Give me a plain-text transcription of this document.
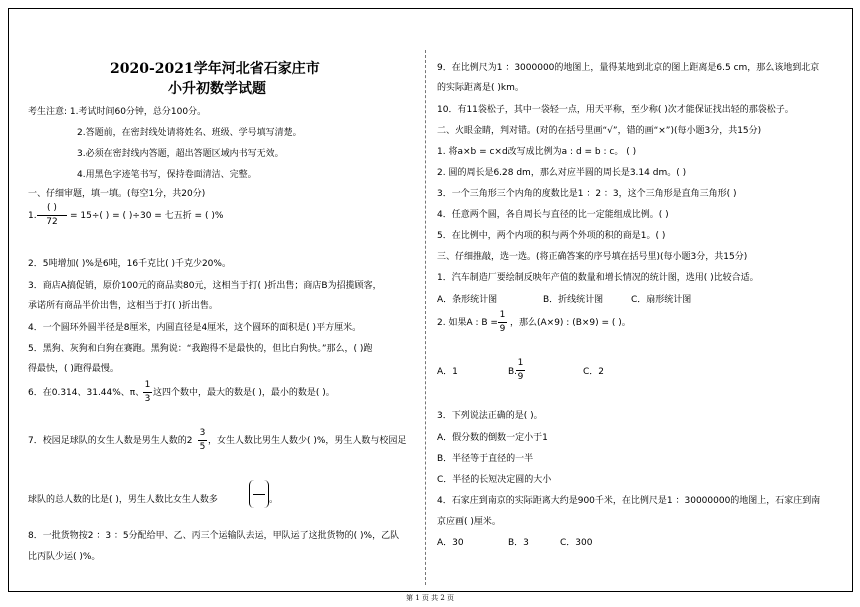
2020-2021学年河北省石家庄市
小升初数学试题
考生注意: 1.考试时间60分钟，总分100分。
2.答题前，在密封线处请将姓名、班级、学号填写清楚。
3.必须在密封线内答题，超出答题区域内书写无效。
4.用黑色字迹笔书写，保持卷面清洁、完整。
一、仔细审题，填一填。(每空1分，共20分)
1.
( )
72
= 15÷( ) = ( )÷30 = 七五折 = ( )%
2．5吨增加( )%是6吨，16千克比( )千克少20%。
3．商店A搞促销，原价100元的商品卖80元，这相当于打( )折出售；商店B为招揽顾客，
承诺所有商品半价出售，这相当于打( )折出售。
4．一个圆环外圆半径是8厘米，内圆直径是4厘米，这个圆环的面积是( )平方厘米。
5．黑狗、灰狗和白狗在赛跑。黑狗说：“我跑得不是最快的，但比白狗快。”那么，( )跑
得最快，( )跑得最慢。
6．在0.314、31.44%、π、
1
3
这四个数中，最大的数是( )，最小的数是( )。
7．校园足球队的女生人数是男生人数的2
3
5
，女生人数比男生人数少( )%，男生人数与校园足
球队的总人数的比是( )，男生人数比女生人数多	。
8．一批货物按2 ：3 ：5分配给甲、乙、丙三个运输队去运，甲队运了这批货物的( )%，乙队
比丙队少运( )%。
9．在比例尺为1 ：3000000的地图上，量得某地到北京的图上距离是6.5 cm，那么该地到北京
的实际距离是( )km。
10．有11袋松子，其中一袋轻一点，用天平称，至少称( )次才能保证找出轻的那袋松子。
二、火眼金睛，判对错。(对的在括号里画“√”，错的画“×”)(每小题3分，共15分)
1. 将a×b = c×d改写成比例为a : d = b : c。 ( )
2. 圆的周长是6.28 dm，那么对应半圆的周长是3.14 dm。( )
3．一个三角形三个内角的度数比是1 ：2 ：3，这个三角形是直角三角形( )
4．任意两个圆，各自周长与直径的比一定能组成比例。( )
5．在比例中，两个内项的积与两个外项的积的商是1。( )
三、仔细推敲，选一选。(将正确答案的序号填在括号里)(每小题3分，共15分)
1．汽车制造厂要绘制反映年产值的数量和增长情况的统计图，选用( )比较合适。
A．条形统计图	B．折线统计图	C．扇形统计图
2. 如果A : B =
1
9
，那么(A×9) : (B×9) = ( )。
A．1	B.
1
9	C．2
3．下列说法正确的是( )。
A．假分数的倒数一定小于1
B．半径等于直径的一半
C．半径的长短决定圆的大小
4．石家庄到南京的实际距离大约是900千米，在比例尺是1 ：30000000的地图上，石家庄到南
京应画( )厘米。
A．30	B．3	C．300
第 1 页 共 2 页
